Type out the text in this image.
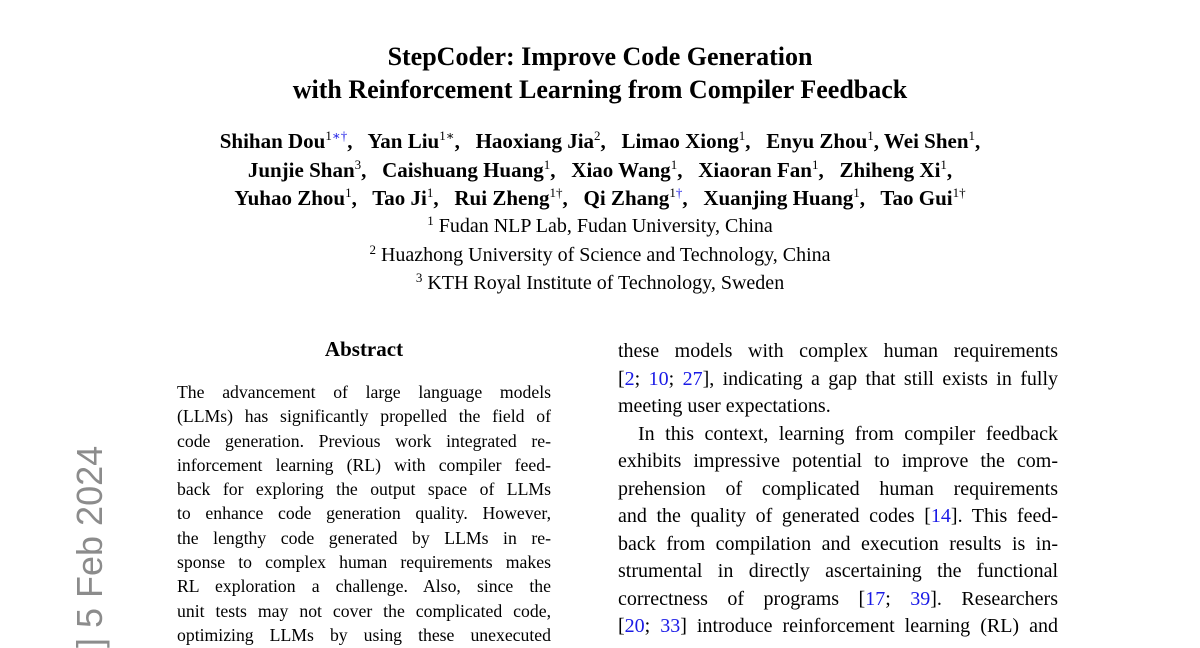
StepCoder: Improve Code Generation
with Reinforcement Learning from Compiler Feedback
Shihan Dou$^{1∗\dagger}$,   Yan Liu$^{1∗}$,   Haoxiang Jia$^2$,   Limao Xiong$^1$,   Enyu Zhou$^1$, Wei Shen$^1$,
Junjie Shan$^3$,   Caishuang Huang$^1$,   Xiao Wang$^1$,   Xiaoran Fan$^1$,   Zhiheng Xi$^1$,
Yuhao Zhou$^1$,   Tao Ji$^1$,   Rui Zheng$^{1\dagger}$,   Qi Zhang$^{1\dagger}$,   Xuanjing Huang$^1$,   Tao Gui$^{1\dagger}$
$^1$ Fudan NLP Lab, Fudan University, China
$^2$ Huazhong University of Science and Technology, China
$^3$ KTH Royal Institute of Technology, Sweden
Abstract
The advancement of large language models
(LLMs) has significantly propelled the field of
code generation. Previous work integrated re-
inforcement learning (RL) with compiler feed-
back for exploring the output space of LLMs
to enhance code generation quality. However,
the lengthy code generated by LLMs in re-
sponse to complex human requirements makes
RL exploration a challenge. Also, since the
unit tests may not cover the complicated code,
optimizing LLMs by using these unexecuted
these models with complex human requirements
[2; 10; 27], indicating a gap that still exists in fully
meeting user expectations.
In this context, learning from compiler feedback
exhibits impressive potential to improve the com-
prehension of complicated human requirements
and the quality of generated codes [14]. This feed-
back from compilation and execution results is in-
strumental in directly ascertaining the functional
correctness of programs [17; 39]. Researchers
[20; 33] introduce reinforcement learning (RL) and
] 5 Feb 2024
